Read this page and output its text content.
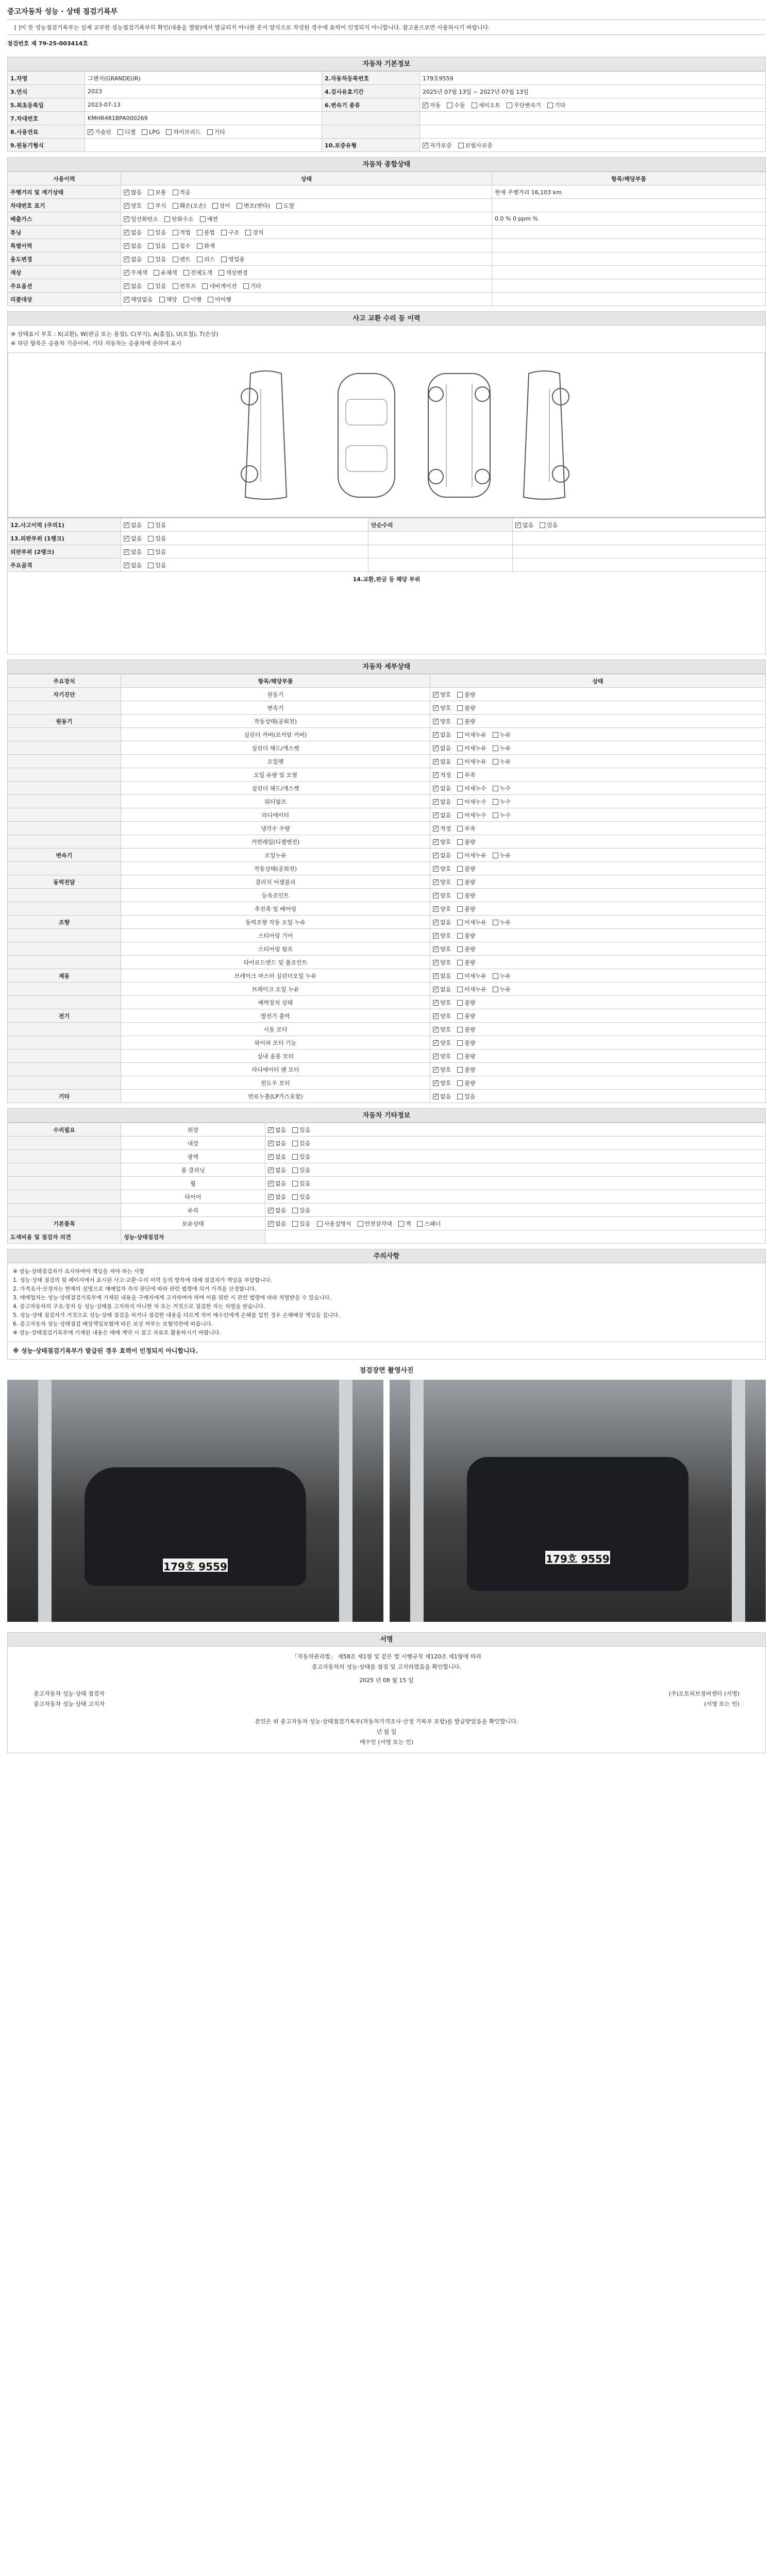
중고자동차 성능 · 상태 점검기록부
[ ]이 뜻 성능점검기록부는 실제 교부한 성능점검기록부의 확인(내용을 열람)에서 발급되지 아니한 문서 양식으로 작성된 경우에 효력이 인정되지 아니합니다. 참고용으로만 사용하시기 바랍니다.
점검번호 제 79-25-003414호
자동차 기본정보
1.차명	그랜저(GRANDEUR)	2.자동차등록번호	179호9559
3.연식	2023	4.검사유효기간	2025년 07월 13일 ~ 2027년 07월 13일
5.최초등록일	2023-07-13	6.변속기 종류	✓자동 수동 세미오토 무단변속기 기타
7.차대번호	KMHR481BPA000269		
8.사용연료	✓가솔린 디젤 LPG 하이브리드 기타		
9.원동기형식		10.보증유형	✓자가보증 보험사보증
자동차 종합상태
사용이력	상태	항목/해당부품
주행거리 및 계기상태	✓많음 보통 적음	현재 주행거리 16,103 km
차대번호 표기	✓양호 부식 훼손(오손) 상이 변조(변타) 도말	
배출가스	✓일산화탄소 탄화수소 매연	0.0 % 0 ppm %
튜닝	✓없음 있음 적법 불법 구조 장치	
특별이력	✓없음 있음 침수 화재	
용도변경	✓없음 있음 렌트 리스 영업용	
색상	✓무채색 유채색 전체도색 색상변경	
주요옵션	✓없음 있음 썬루프 네비게이션 기타	
리콜대상	✓해당없음 해당 이행 미이행	
사고 교환 수리 등 이력
※ 상태표시 부호 : X(교환), W(판금 또는 용접), C(부식), A(흠집), U(요철), T(손상)
※ 하단 항목은 승용차 기준이며, 기타 자동차는 승용차에 준하여 표시
12.사고이력 (주의1)	✓없음 있음	단순수리	✓없음 있음
13.외판부위 (1랭크)	✓없음 있음		
외판부위 (2랭크)	✓없음 있음		
주요골격	✓없음 있음		
14.교환,판금 등 해당 부위
자동차 세부상태
주요장치	항목/해당부품	상태
자기진단	원동기	✓양호 불량
	변속기	✓양호 불량
원동기	작동상태(공회전)	✓양호 불량
	실린더 커버(로커암 커버)	✓없음 미세누유 누유
	실린더 헤드/개스켓	✓없음 미세누유 누유
	오일팬	✓없음 미세누유 누유
	오일 유량 및 오염	✓적정 부족
	실린더 헤드/개스켓	✓없음 미세누수 누수
	워터펌프	✓없음 미세누수 누수
	라디에이터	✓없음 미세누수 누수
	냉각수 수량	✓적정 부족
	커먼레일(디젤엔진)	✓양호 불량
변속기	오일누유	✓없음 미세누유 누유
	작동상태(공회전)	✓양호 불량
동력전달	클러치 어셈블리	✓양호 불량
	등속조인트	✓양호 불량
	추진축 및 베어링	✓양호 불량
조향	동력조향 작동 오일 누유	✓없음 미세누유 누유
	스티어링 기어	✓양호 불량
	스티어링 펌프	✓양호 불량
	타이로드엔드 및 볼조인트	✓양호 불량
제동	브레이크 마스터 실린더오일 누유	✓없음 미세누유 누유
	브레이크 오일 누유	✓없음 미세누유 누유
	배력장치 상태	✓양호 불량
전기	발전기 출력	✓양호 불량
	시동 모터	✓양호 불량
	와이퍼 모터 기능	✓양호 불량
	실내 송풍 모터	✓양호 불량
	라디에이터 팬 모터	✓양호 불량
	윈도우 모터	✓양호 불량
기타	연료누출(LP가스포함)	✓없음 있음
자동차 기타정보
수리필요	외장	✓없음 있음
	내장	✓없음 있음
	광택	✓없음 있음
	룸 클리닝	✓없음 있음
	휠	✓없음 있음
	타이어	✓없음 있음
	유리	✓없음 있음
기본품목	보유상태	✓없음 있음 사용설명서 안전삼각대 잭 스패너
도색비용 및 점검자 의견	성능·상태점검자	
주의사항
※ 성능·상태점검자가 조사하여야 책임을 져야 하는 사항
1. 성능·상태 점검의 뒷 페이지에서 표시된 사고·교환·수리 이력 등의 항목에 대해 점검자가 책임을 부담합니다.
2. 가격조사·산정자는 현재의 설명으로 매매업자 측의 판단에 따라 관련 법령에 의거 가격을 산정합니다.
3. 매매업자는 성능·상태점검기록부에 기재된 내용을 구매자에게 고지하여야 하며 이를 위반 시 관련 법령에 따라 처벌받을 수 있습니다.
4. 중고자동차의 구조·장치 등 성능·상태를 고지하지 아니한 자 또는 거짓으로 점검한 자는 처벌을 받습니다.
5. 성능·상태 점검자가 거짓으로 성능·상태 점검을 하거나 점검한 내용을 다르게 적어 매수인에게 손해를 입힌 경우 손해배상 책임을 집니다.
6. 중고자동차 성능·상태점검 배상책임보험에 따른 보상 여부는 보험약관에 따릅니다.
※ 성능·상태점검기록부에 기재된 내용은 매매 계약 시 참고 자료로 활용하시기 바랍니다.
※ 성능·상태점검기록부가 발급된 경우 효력이 인정되지 아니합니다.
점검장면 촬영사진
179호 9559
179호 9559
서명
「자동차관리법」 제58조 제1항 및 같은 법 시행규칙 제120조 제1항에 따라
중고자동차의 성능·상태를 점검 및 고지하였음을 확인합니다.
2025 년 08 월 15 일
중고자동차 성능·상태 점검자	(주)오토허브정비센터 (서명)
중고자동차 성능·상태 고지자	(서명 또는 인)
본인은 위 중고자동차 성능·상태점검기록부(자동차가격조사·산정 기록부 포함)를 발급받았음을 확인합니다.
년 월 일
매수인 (서명 또는 인)
